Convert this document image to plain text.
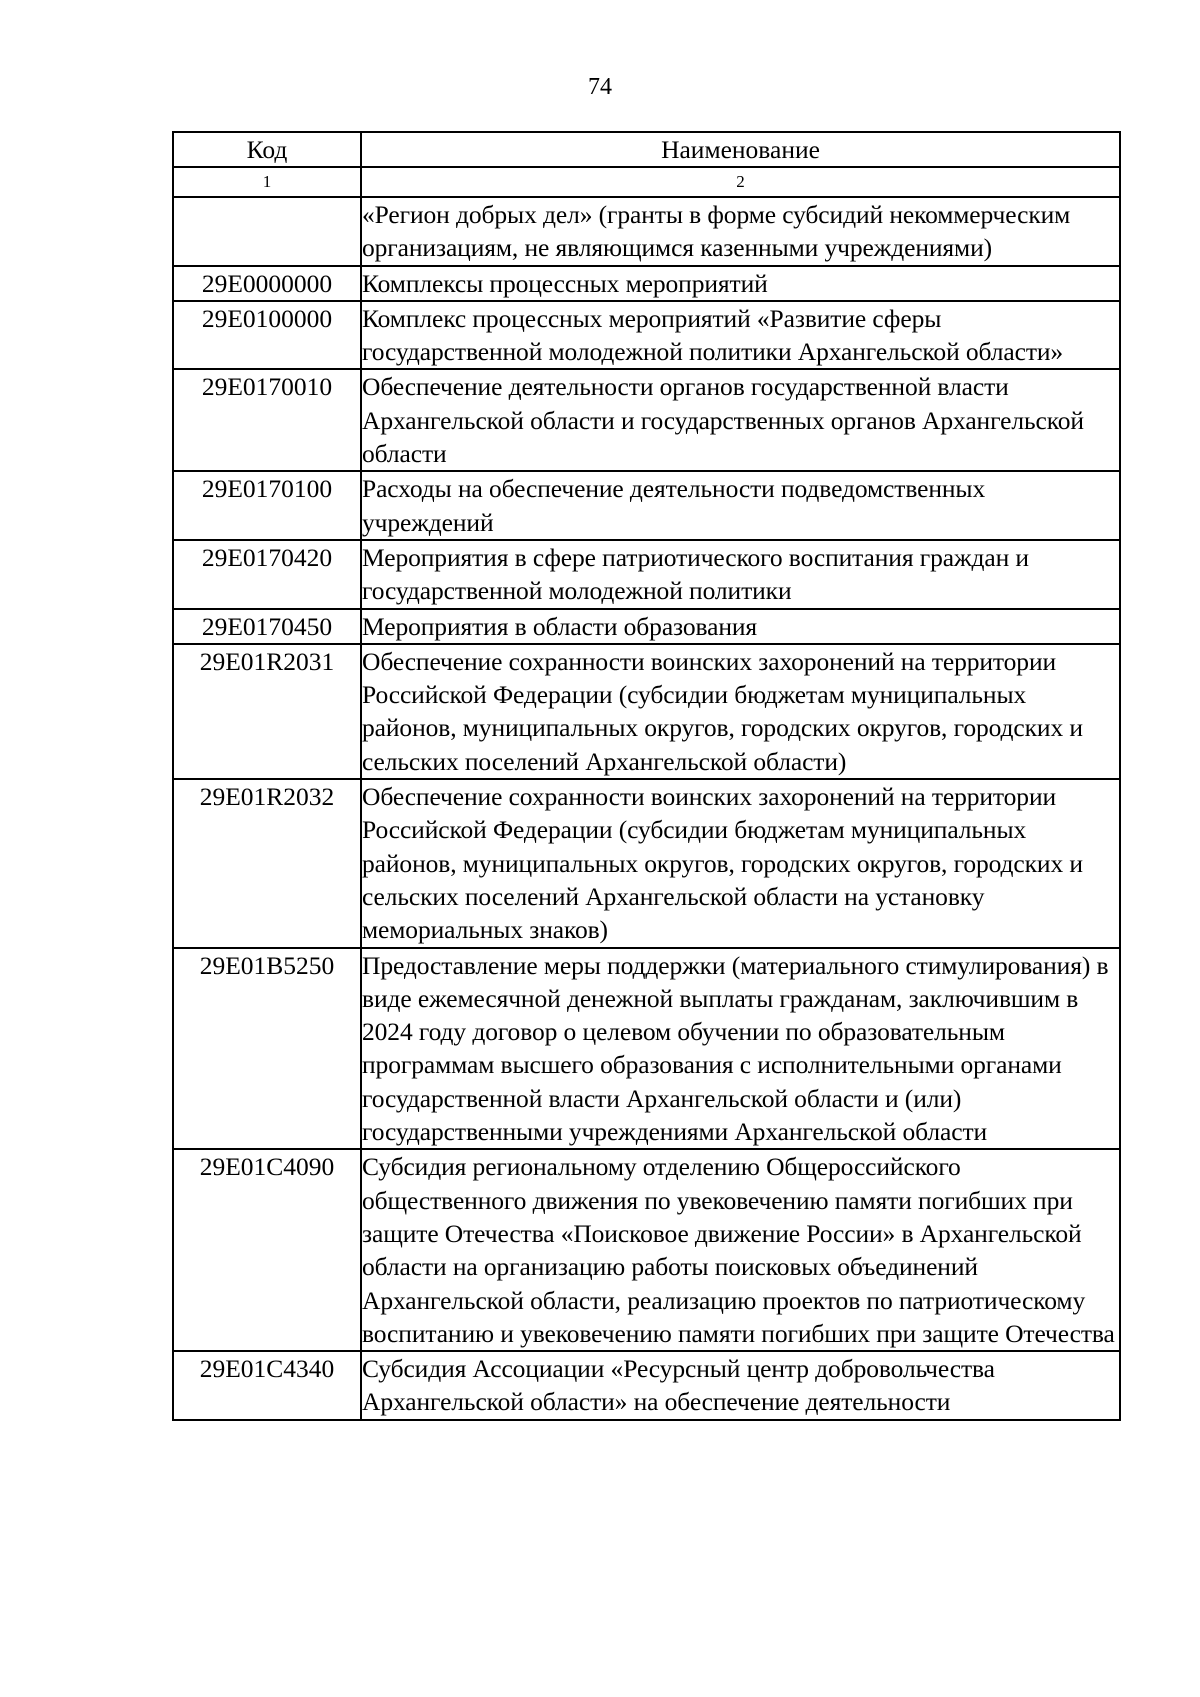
74
Код	Наименование
1	2
	«Регион добрых дел» (гранты в форме субсидий некоммерческим организациям, не являющимся казенными учреждениями)
29Е0000000	Комплексы процессных мероприятий
29Е0100000	Комплекс процессных мероприятий «Развитие сферы государственной молодежной политики Архангельской области»
29Е0170010	Обеспечение деятельности органов государственной власти Архангельской области и государственных органов Архангельской области
29Е0170100	Расходы на обеспечение деятельности подведомственных учреждений
29Е0170420	Мероприятия в сфере патриотического воспитания граждан и государственной молодежной политики
29Е0170450	Мероприятия в области образования
29Е01R2031	Обеспечение сохранности воинских захоронений на территории Российской Федерации (субсидии бюджетам муниципальных районов, муниципальных округов, городских округов, городских и сельских поселений Архангельской области)
29Е01R2032	Обеспечение сохранности воинских захоронений на территории Российской Федерации (субсидии бюджетам муниципальных районов, муниципальных округов, городских округов, городских и сельских поселений Архангельской области на установку мемориальных знаков)
29Е01В5250	Предоставление меры поддержки (материального стимулирования) в виде ежемесячной денежной выплаты гражданам, заключившим в 2024 году договор о целевом обучении по образовательным программам высшего образования с исполнительными органами государственной власти Архангельской области и (или) государственными учреждениями Архангельской области
29Е01С4090	Субсидия региональному отделению Общероссийского общественного движения по увековечению памяти погибших при защите Отечества «Поисковое движение России» в Архангельской области на организацию работы поисковых объединений Архангельской области, реализацию проектов по патриотическому воспитанию и увековечению памяти погибших при защите Отечества
29Е01С4340	Субсидия Ассоциации «Ресурсный центр добровольчества Архангельской области» на обеспечение деятельности
